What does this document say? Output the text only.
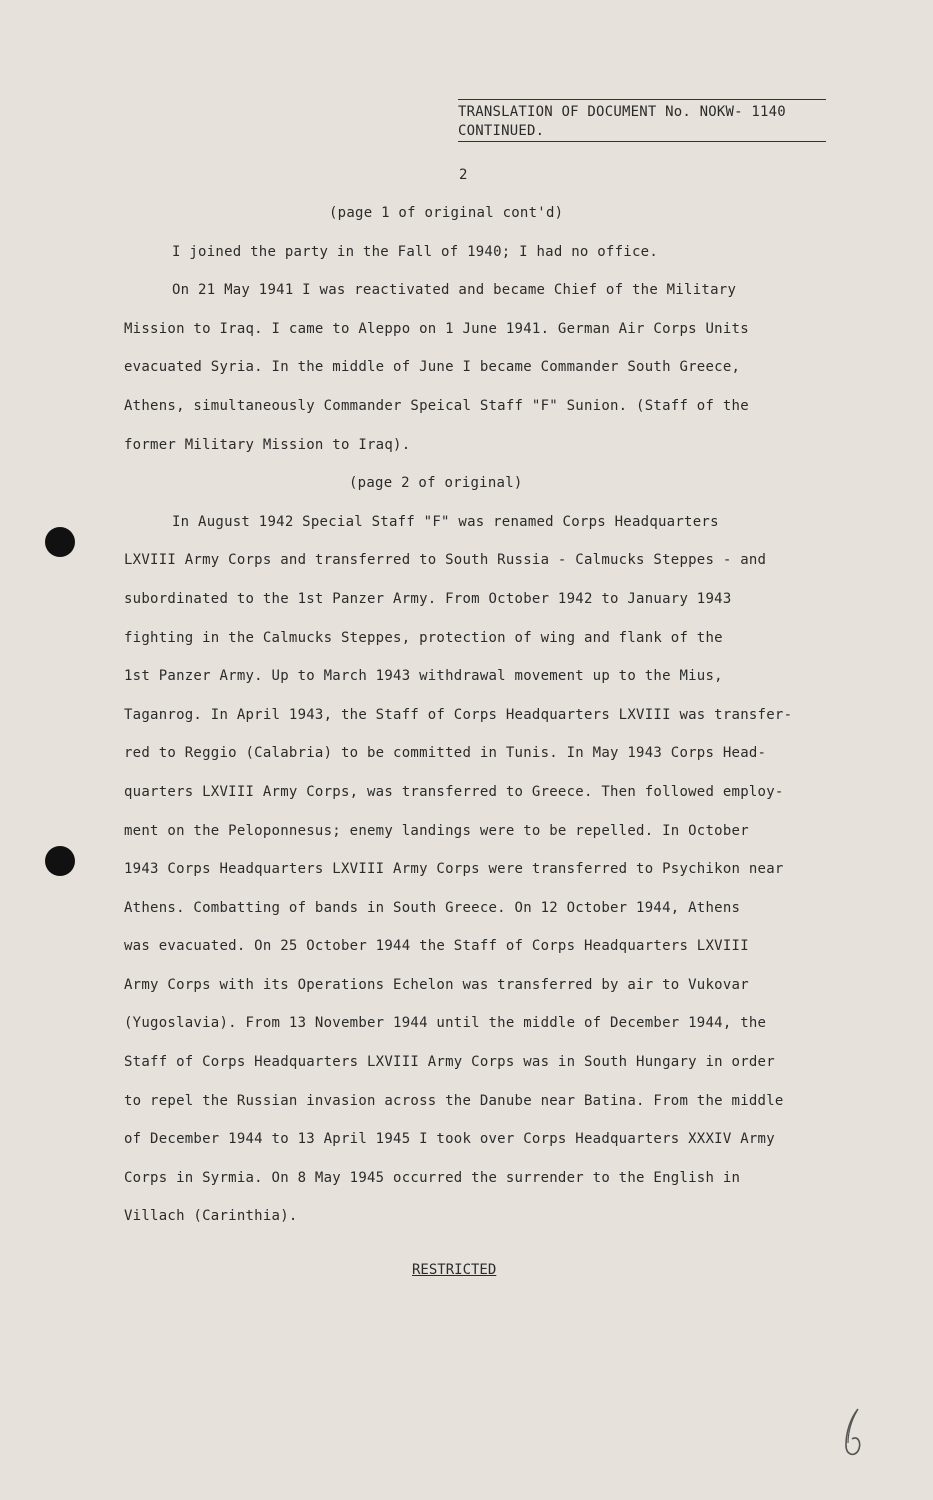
TRANSLATION OF DOCUMENT No. NOKW- 1140
CONTINUED.
2
(page 1 of original cont'd)
I joined the party in the Fall of 1940; I had no office.
On 21 May 1941 I was reactivated and became Chief of the Military
Mission to Iraq. I came to Aleppo on 1 June 1941. German Air Corps Units
evacuated Syria. In the middle of June I became Commander South Greece,
Athens, simultaneously Commander Speical Staff "F" Sunion. (Staff of the
former Military Mission to Iraq).
(page 2 of original)
In August 1942 Special Staff "F" was renamed Corps Headquarters
LXVIII Army Corps and transferred to South Russia - Calmucks Steppes - and
subordinated to the 1st Panzer Army. From October 1942 to January 1943
fighting in the Calmucks Steppes, protection of wing and flank of the
1st Panzer Army. Up to March 1943 withdrawal movement up to the Mius,
Taganrog. In April 1943, the Staff of Corps Headquarters LXVIII was transfer-
red to Reggio (Calabria) to be committed in Tunis. In May 1943 Corps Head-
quarters LXVIII Army Corps, was transferred to Greece. Then followed employ-
ment on the Peloponnesus; enemy landings were to be repelled. In October
1943 Corps Headquarters LXVIII Army Corps were transferred to Psychikon near
Athens. Combatting of bands in South Greece. On 12 October 1944, Athens
was evacuated. On 25 October 1944 the Staff of Corps Headquarters LXVIII
Army Corps with its Operations Echelon was transferred by air to Vukovar
(Yugoslavia). From 13 November 1944 until the middle of December 1944, the
Staff of Corps Headquarters LXVIII Army Corps was in South Hungary in order
to repel the Russian invasion across the Danube near Batina. From the middle
of December 1944 to 13 April 1945 I took over Corps Headquarters XXXIV Army
Corps in Syrmia. On 8 May 1945 occurred the surrender to the English in
Villach (Carinthia).
RESTRICTED
